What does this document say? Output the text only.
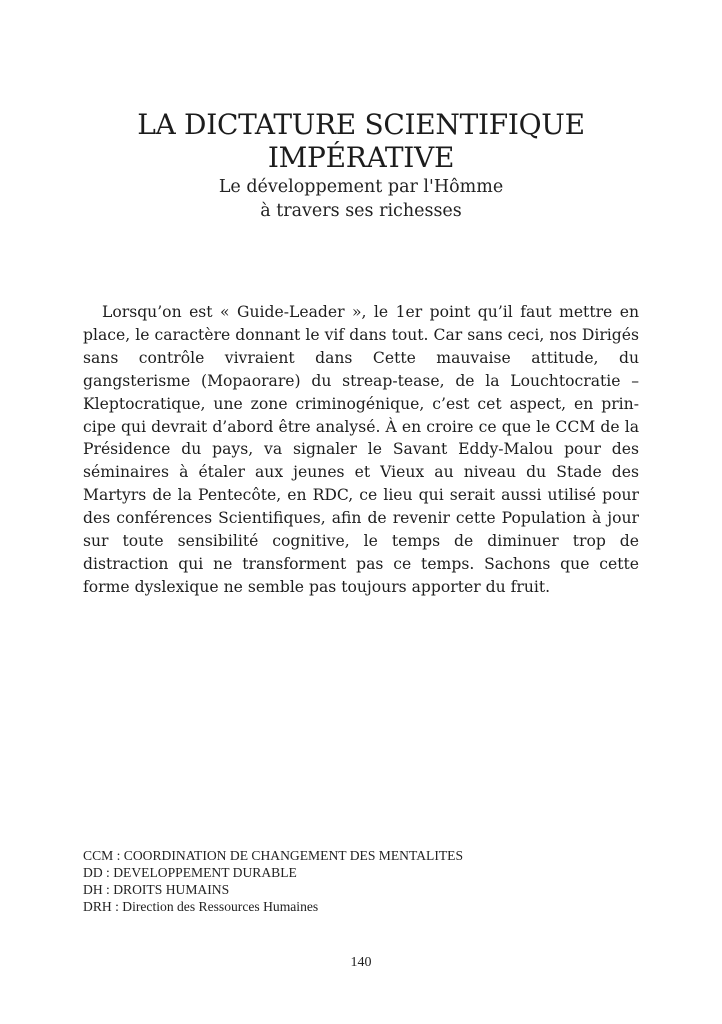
LA DICTATURE SCIENTIFIQUE
IMPÉRATIVE
Le développement par l'Hômme
à travers ses richesses

Lorsqu’on est « Guide-Leader », le 1er point qu’il faut mettre en place, le caractère donnant le vif dans tout. Car sans ceci, nos Dirigés sans contrôle vivraient dans Cette mauvaise attitude, du gangsterisme (Mopaorare) du streap-tease, de la Louchtocratie – Kleptocratique, une zone criminogénique, c’est cet aspect, en principe qui devrait d’abord être analysé. À en croire ce que le CCM de la Présidence du pays, va signaler le Savant Eddy-Malou pour des séminaires à étaler aux jeunes et Vieux au niveau du Stade des Martyrs de la Pentecôte, en RDC, ce lieu qui serait aussi utilisé pour des conférences Scientifiques, afin de revenir cette Population à jour sur toute sensibilité cognitive, le temps de diminuer trop de distraction qui ne transforment pas ce temps. Sachons que cette forme dyslexique ne semble pas toujours apporter du fruit.

CCM : COORDINATION DE CHANGEMENT DES MENTALITES
DD : DEVELOPPEMENT DURABLE
DH : DROITS HUMAINS
DRH : Direction des Ressources Humaines
140
